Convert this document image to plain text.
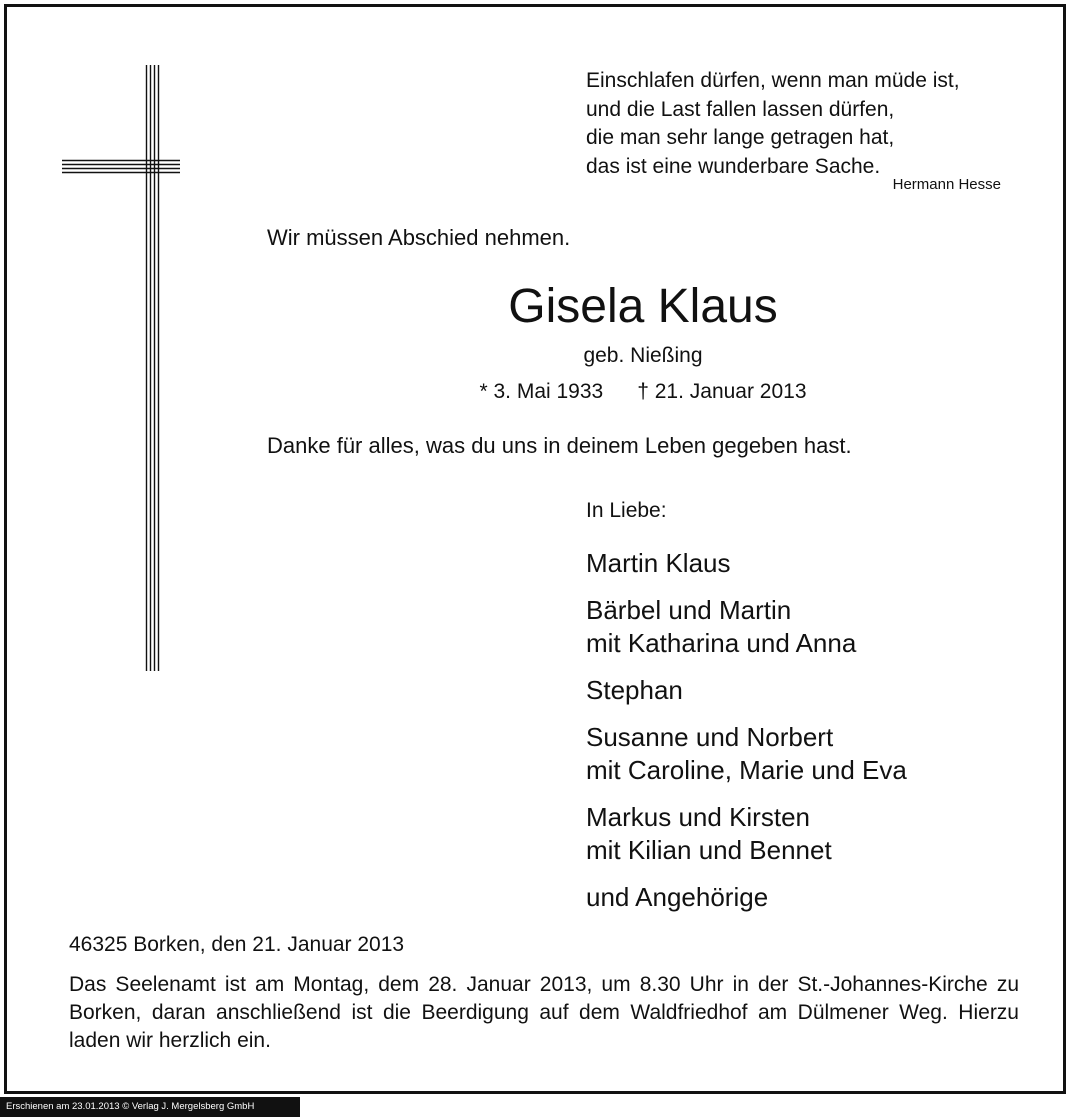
Einschlafen dürfen, wenn man müde ist,
und die Last fallen lassen dürfen,
die man sehr lange getragen hat,
das ist eine wunderbare Sache.
Hermann Hesse
Wir müssen Abschied nehmen.
Gisela Klaus
geb. Nießing
* 3. Mai 1933 † 21. Januar 2013
Danke für alles, was du uns in deinem Leben gegeben hast.
In Liebe:
Martin Klaus
Bärbel und Martin
mit Katharina und Anna
Stephan
Susanne und Norbert
mit Caroline, Marie und Eva
Markus und Kirsten
mit Kilian und Bennet
und Angehörige
46325 Borken, den 21. Januar 2013
Das Seelenamt ist am Montag, dem 28. Januar 2013, um 8.30 Uhr in der St.-Johannes-Kirche zu Borken, daran anschließend ist die Beerdigung auf dem Waldfriedhof am Dülmener Weg. Hierzu laden wir herzlich ein.
Erschienen am 23.01.2013 © Verlag J. Mergelsberg GmbH
